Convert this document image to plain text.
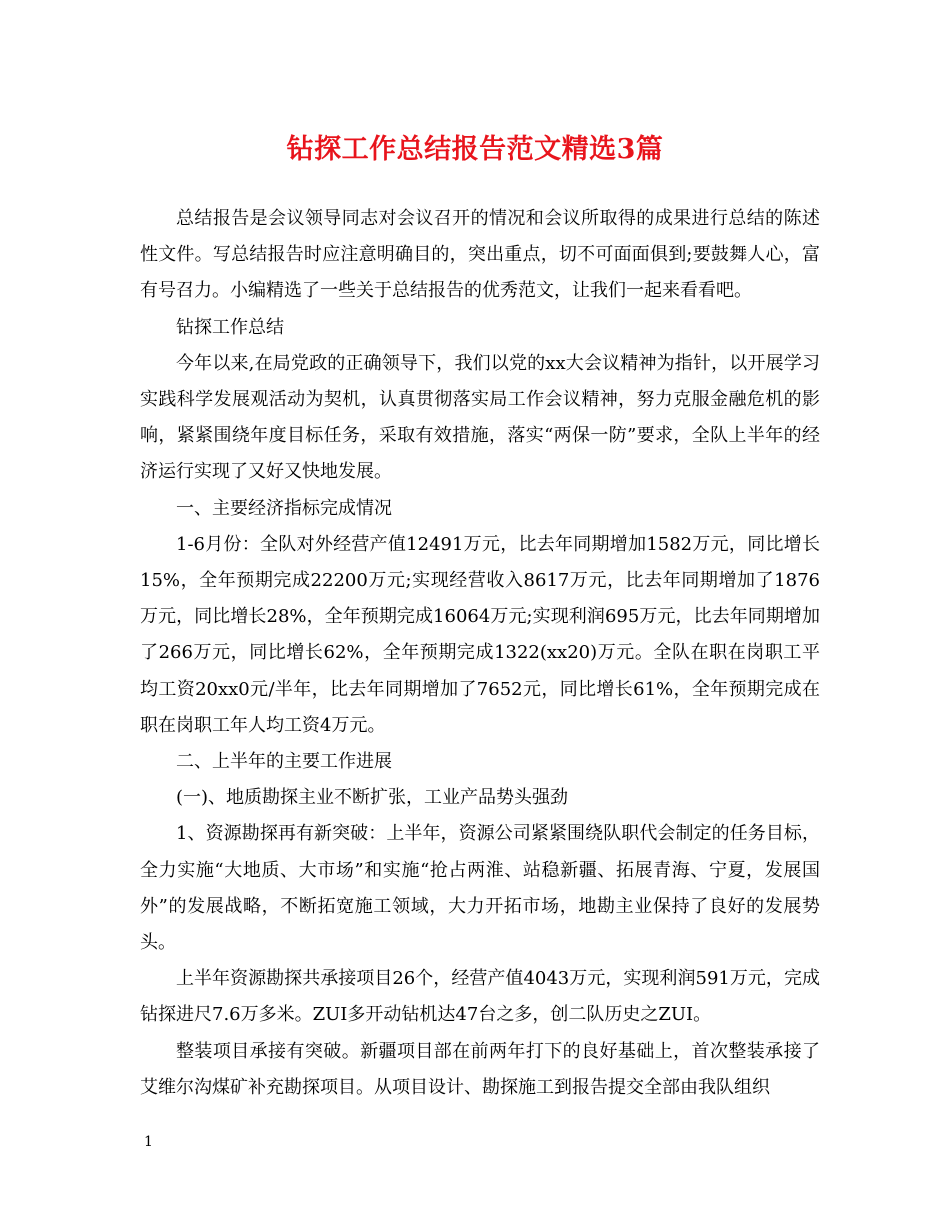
钻探工作总结报告范文精选3篇

总结报告是会议领导同志对会议召开的情况和会议所取得的成果进行总结的陈述性文件。写总结报告时应注意明确目的，突出重点，切不可面面俱到;要鼓舞人心，富有号召力。小编精选了一些关于总结报告的优秀范文，让我们一起来看看吧。

钻探工作总结

今年以来,在局党政的正确领导下，我们以党的xx大会议精神为指针，以开展学习实践科学发展观活动为契机，认真贯彻落实局工作会议精神，努力克服金融危机的影响，紧紧围绕年度目标任务，采取有效措施，落实“两保一防”要求，全队上半年的经济运行实现了又好又快地发展。

一、主要经济指标完成情况

1-6月份：全队对外经营产值12491万元，比去年同期增加1582万元，同比增长15%，全年预期完成22200万元;实现经营收入8617万元，比去年同期增加了1876万元，同比增长28%，全年预期完成16064万元;实现利润695万元，比去年同期增加了266万元，同比增长62%，全年预期完成1322(xx20)万元。全队在职在岗职工平均工资20xx0元/半年，比去年同期增加了7652元，同比增长61%，全年预期完成在职在岗职工年人均工资4万元。

二、上半年的主要工作进展

(一)、地质勘探主业不断扩张，工业产品势头强劲

1、资源勘探再有新突破：上半年，资源公司紧紧围绕队职代会制定的任务目标，全力实施“大地质、大市场”和实施“抢占两淮、站稳新疆、拓展青海、宁夏，发展国外”的发展战略，不断拓宽施工领域，大力开拓市场，地勘主业保持了良好的发展势头。

上半年资源勘探共承接项目26个，经营产值4043万元，实现利润591万元，完成钻探进尺7.6万多米。ZUI多开动钻机达47台之多，创二队历史之ZUI。

整装项目承接有突破。新疆项目部在前两年打下的良好基础上，首次整装承接了艾维尔沟煤矿补充勘探项目。从项目设计、勘探施工到报告提交全部由我队组织

1
